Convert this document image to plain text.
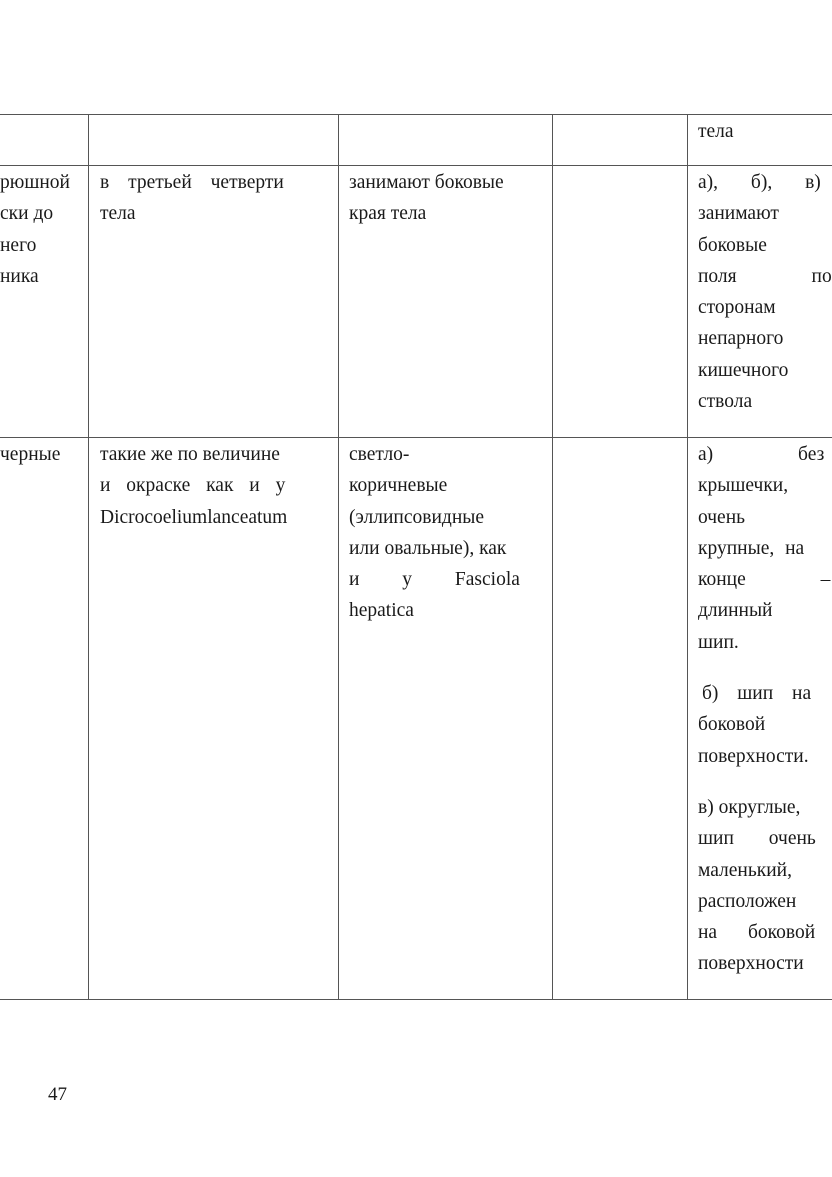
тела
рюшной
ски до
него
ника
в третьей четверти
тела
занимают боковые
края тела
а), б), в)
занимают
боковые
поля по
сторонам
непарного
кишечного
ствола
черные	такие же по величине
и окраске как и у
Dicrocoeliumlanceatum
светло-
коричневые
(эллипсовидные
или овальные), как
и у Fasciola
hepatica
а) без
крышечки,
очень
крупные, на
конце –
длинный
шип.
б) шип на
боковой
поверхности.
в) округлые,
шип очень
маленький,
расположен
на боковой
поверхности
47
